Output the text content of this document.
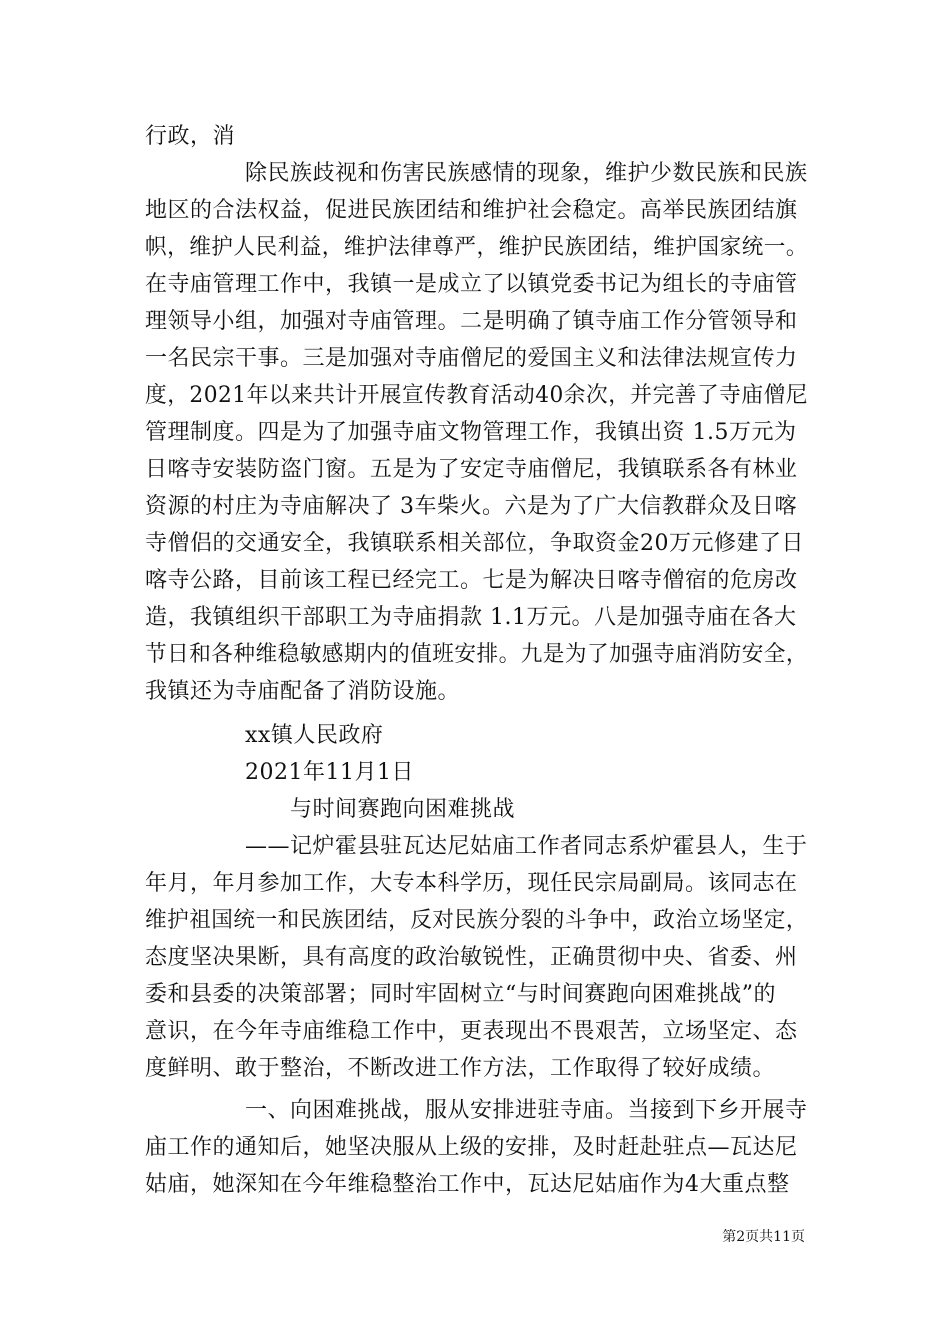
行政，消
除民族歧视和伤害民族感情的现象，维护少数民族和民族
地区的合法权益，促进民族团结和维护社会稳定。高举民族团结旗
帜，维护人民利益，维护法律尊严，维护民族团结，维护国家统一。
在寺庙管理工作中，我镇一是成立了以镇党委书记为组长的寺庙管
理领导小组，加强对寺庙管理。二是明确了镇寺庙工作分管领导和
一名民宗干事。三是加强对寺庙僧尼的爱国主义和法律法规宣传力
度，2021年以来共计开展宣传教育活动40余次，并完善了寺庙僧尼
管理制度。四是为了加强寺庙文物管理工作，我镇出资 1.5万元为
日喀寺安装防盗门窗。五是为了安定寺庙僧尼，我镇联系各有林业
资源的村庄为寺庙解决了 3车柴火。六是为了广大信教群众及日喀
寺僧侣的交通安全，我镇联系相关部位，争取资金20万元修建了日
喀寺公路，目前该工程已经完工。七是为解决日喀寺僧宿的危房改
造，我镇组织干部职工为寺庙捐款 1.1万元。八是加强寺庙在各大
节日和各种维稳敏感期内的值班安排。九是为了加强寺庙消防安全，
我镇还为寺庙配备了消防设施。
xx镇人民政府
2021年11月1日
与时间赛跑向困难挑战
——记炉霍县驻瓦达尼姑庙工作者同志系炉霍县人，生于
年月，年月参加工作，大专本科学历，现任民宗局副局。该同志在
维护祖国统一和民族团结，反对民族分裂的斗争中，政治立场坚定，
态度坚决果断，具有高度的政治敏锐性，正确贯彻中央、省委、州
委和县委的决策部署；同时牢固树立“与时间赛跑向困难挑战”的
意识，在今年寺庙维稳工作中，更表现出不畏艰苦，立场坚定、态
度鲜明、敢于整治，不断改进工作方法，工作取得了较好成绩。
一、向困难挑战，服从安排进驻寺庙。当接到下乡开展寺
庙工作的通知后，她坚决服从上级的安排，及时赶赴驻点—瓦达尼
姑庙，她深知在今年维稳整治工作中，瓦达尼姑庙作为4大重点整
第2页共11页
